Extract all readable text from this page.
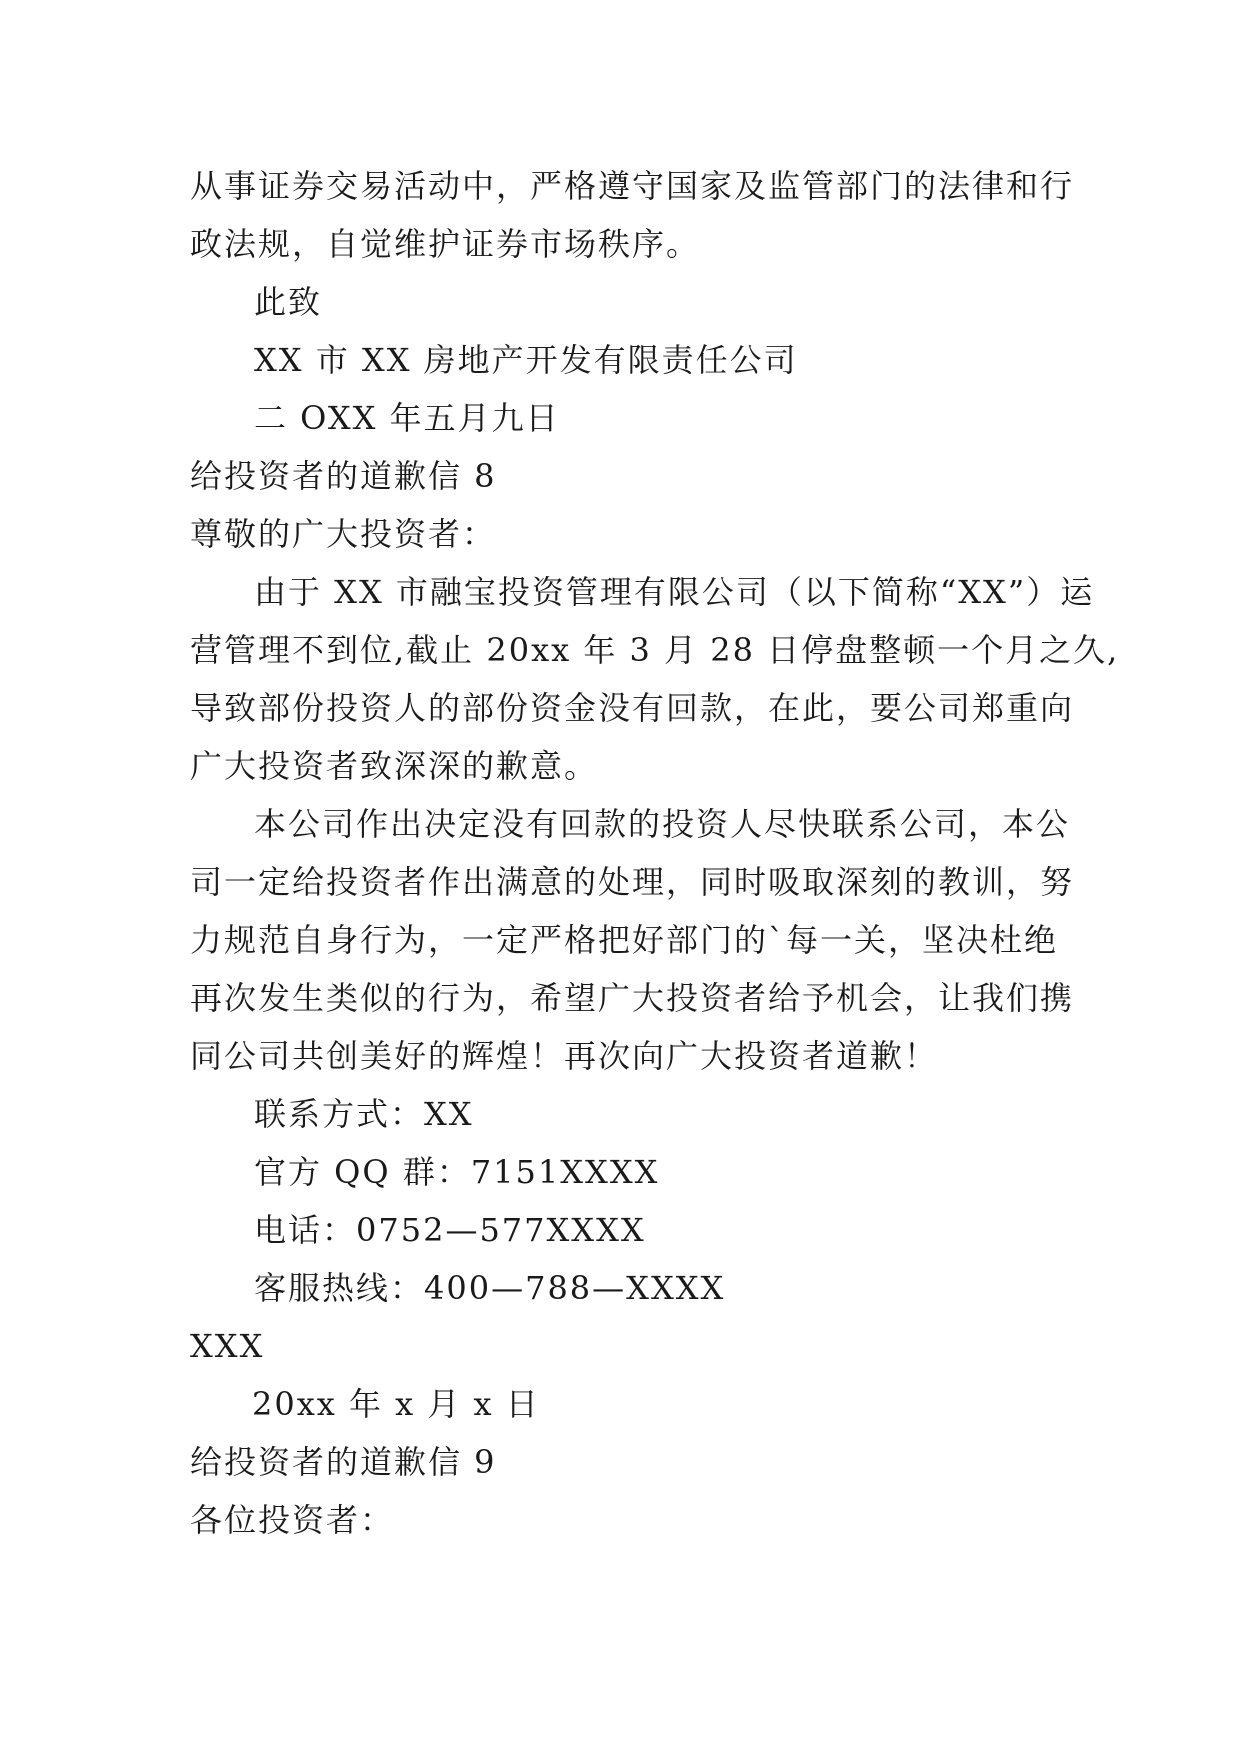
从事证券交易活动中，严格遵守国家及监管部门的法律和行
政法规，自觉维护证券市场秩序。
此致
XX 市 XX 房地产开发有限责任公司
二 OXX 年五月九日
给投资者的道歉信 8
尊敬的广大投资者：
由于 XX 市融宝投资管理有限公司（以下简称“XX”）运
营管理不到位,截止 20xx 年 3 月 28 日停盘整顿一个月之久,
导致部份投资人的部份资金没有回款，在此，要公司郑重向
广大投资者致深深的歉意。
本公司作出决定没有回款的投资人尽快联系公司，本公
司一定给投资者作出满意的处理，同时吸取深刻的教训，努
力规范自身行为，一定严格把好部门的`每一关，坚决杜绝
再次发生类似的行为，希望广大投资者给予机会，让我们携
同公司共创美好的辉煌！再次向广大投资者道歉！
联系方式：XX
官方 QQ 群：7151XXXX
电话：0752—577XXXX
客服热线：400—788—XXXX
XXX
20xx 年 x 月 x 日
给投资者的道歉信 9
各位投资者：
